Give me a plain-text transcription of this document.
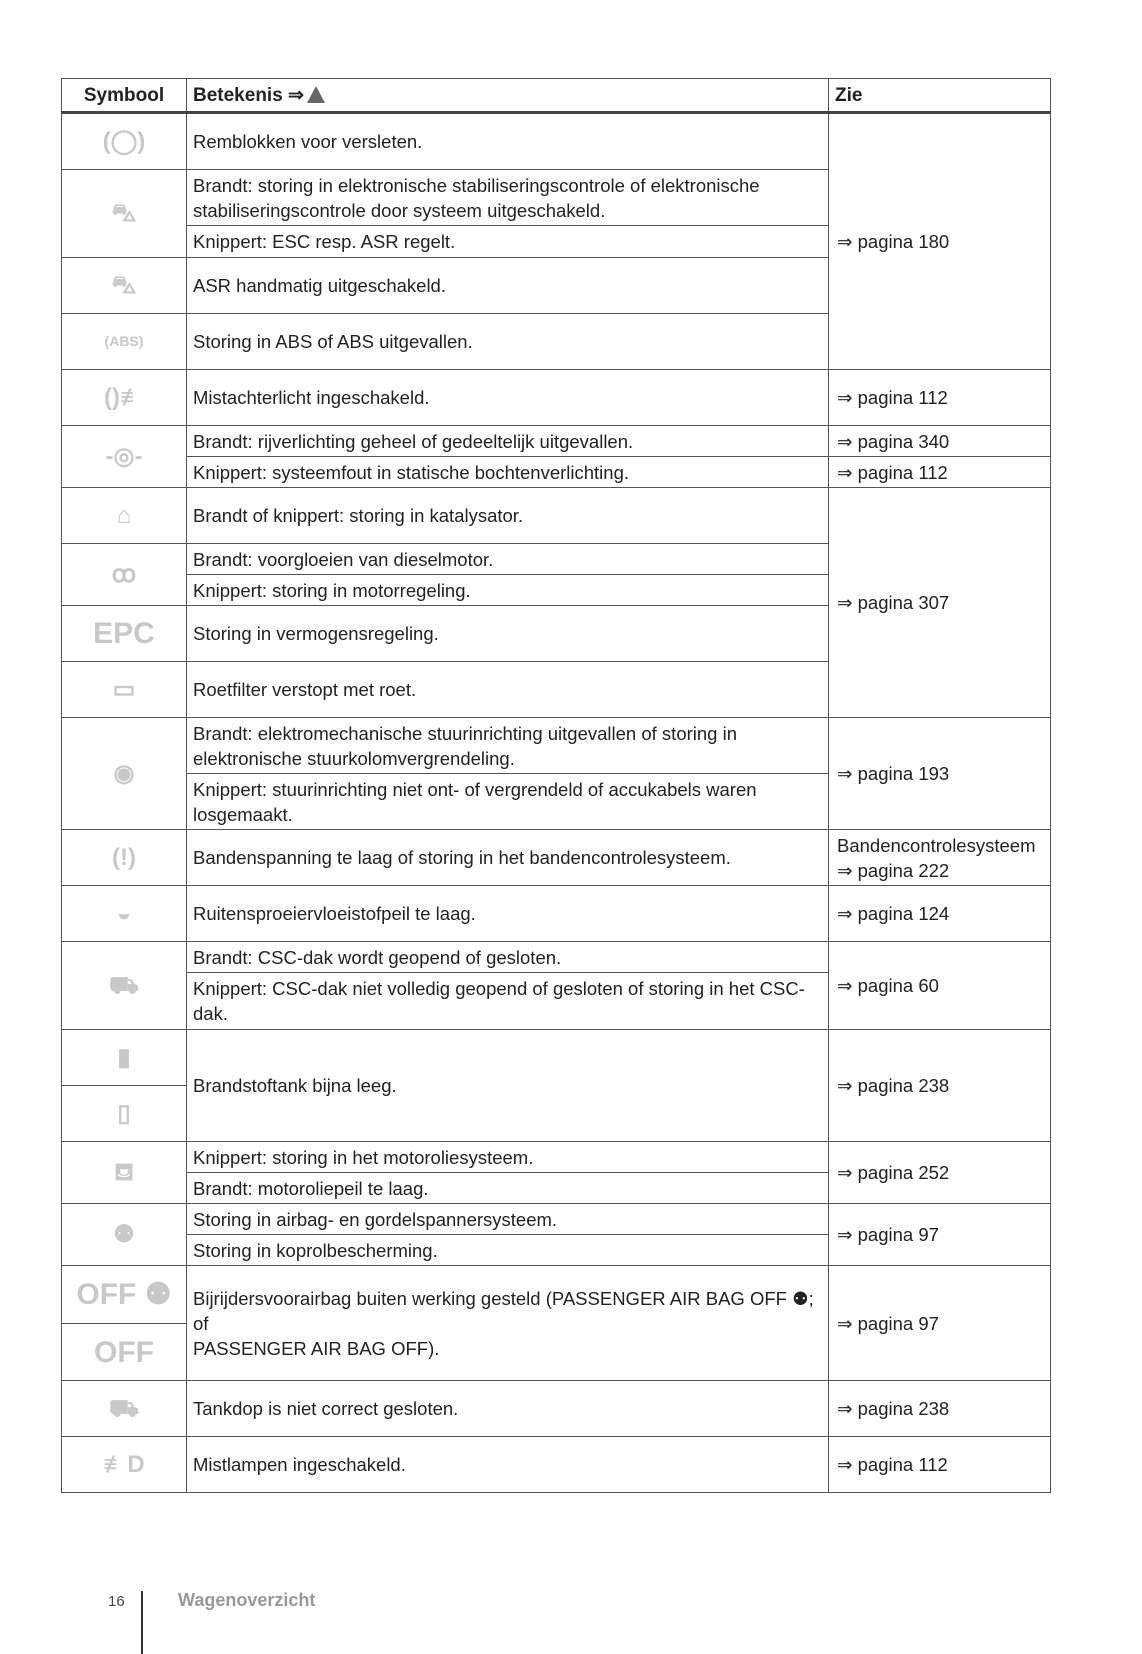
Symbool	Betekenis ⇒	Zie
(◯)	Remblokken voor versleten.	⇒ pagina 180
⛍	Brandt: storing in elektronische stabiliseringscontrole of elektronische stabiliseringscontrole door systeem uitgeschakeld.	
	Knippert: ESC resp. ASR regelt.	
⛍	ASR handmatig uitgeschakeld.	
(ABS)	Storing in ABS of ABS uitgevallen.	
()≢	Mistachterlicht ingeschakeld.	⇒ pagina 112
-◎-	Brandt: rijverlichting geheel of gedeeltelijk uitgevallen.	⇒ pagina 340
	Knippert: systeemfout in statische bochtenverlichting.	⇒ pagina 112
⌂	Brandt of knippert: storing in katalysator.	⇒ pagina 307
ꝏ	Brandt: voorgloeien van dieselmotor.	
	Knippert: storing in motorregeling.	
EPC	Storing in vermogensregeling.	
▭	Roetfilter verstopt met roet.	
◉	Brandt: elektromechanische stuurinrichting uitgevallen of storing in elektronische stuurkolomvergrendeling.	⇒ pagina 193
	Knippert: stuurinrichting niet ont- of vergrendeld of accukabels waren losgemaakt.	
(!)	Bandenspanning te laag of storing in het bandencontrolesysteem.	Bandencontrolesysteem ⇒ pagina 222
◒	Ruitensproeiervloeistofpeil te laag.	⇒ pagina 124
⛟	Brandt: CSC-dak wordt geopend of gesloten.	⇒ pagina 60
	Knippert: CSC-dak niet volledig geopend of gesloten of storing in het CSC-dak.	
▮	Brandstoftank bijna leeg.	⇒ pagina 238
▯		
⛾	Knippert: storing in het motoroliesysteem.	⇒ pagina 252
	Brandt: motoroliepeil te laag.	
⚉	Storing in airbag- en gordelspannersysteem.	⇒ pagina 97
	Storing in koprolbescherming.	
OFF ⚉	Bijrijdersvoorairbag buiten werking gesteld (PASSENGER AIR BAG OFF ⚉; of
PASSENGER AIR BAG OFF).	⇒ pagina 97
OFF		
⛟	Tankdop is niet correct gesloten.	⇒ pagina 238
≢D	Mistlampen ingeschakeld.	⇒ pagina 112
16	Wagenoverzicht
